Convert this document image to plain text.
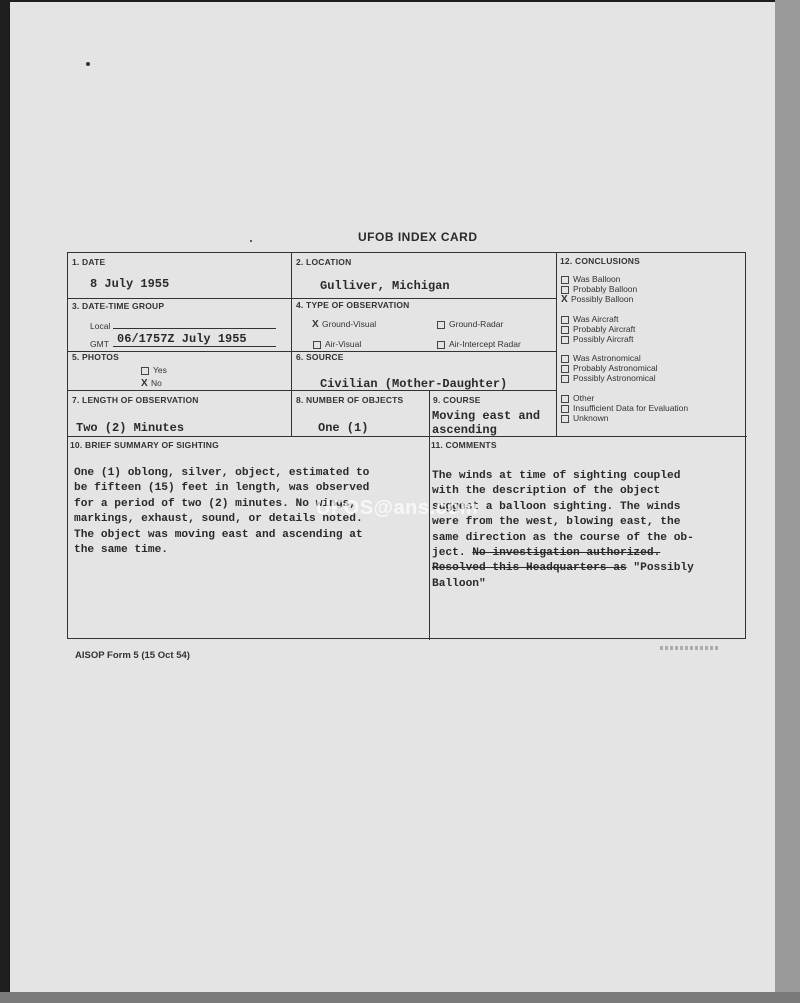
UFOB INDEX CARD
1. DATE
8 July 1955
2. LOCATION
Gulliver, Michigan
3. DATE-TIME GROUP
Local
GMT 06/1757Z July 1955
4. TYPE OF OBSERVATION
X Ground-Visual	Ground-Radar
Air-Visual	Air-Intercept Radar
5. PHOTOS
Yes
X No
6. SOURCE
Civilian (Mother-Daughter)
7. LENGTH OF OBSERVATION
Two (2) Minutes
8. NUMBER OF OBJECTS
One (1)
9. COURSE
Moving east and
ascending
12. CONCLUSIONS
Was Balloon
Probably Balloon
X Possibly Balloon
Was Aircraft
Probably Aircraft
Possibly Aircraft
Was Astronomical
Probably Astronomical
Possibly Astronomical
Other
Insufficient Data for Evaluation
Unknown
10. BRIEF SUMMARY OF SIGHTING
One (1) oblong, silver, object, estimated to
be fifteen (15) feet in length, was observed
for a period of two (2) minutes. No wings,
markings, exhaust, sound, or details noted.
The object was moving east and ascending at
the same time.
11. COMMENTS
The winds at time of sighting coupled
with the description of the object
suggest a balloon sighting. The winds
were from the west, blowing east, the
same direction as the course of the ob-
ject. No investigation authorized.
Resolved this Headquarters as "Possibly
Balloon"
UFOS@ans.com
AISOP Form 5 (15 Oct 54)
